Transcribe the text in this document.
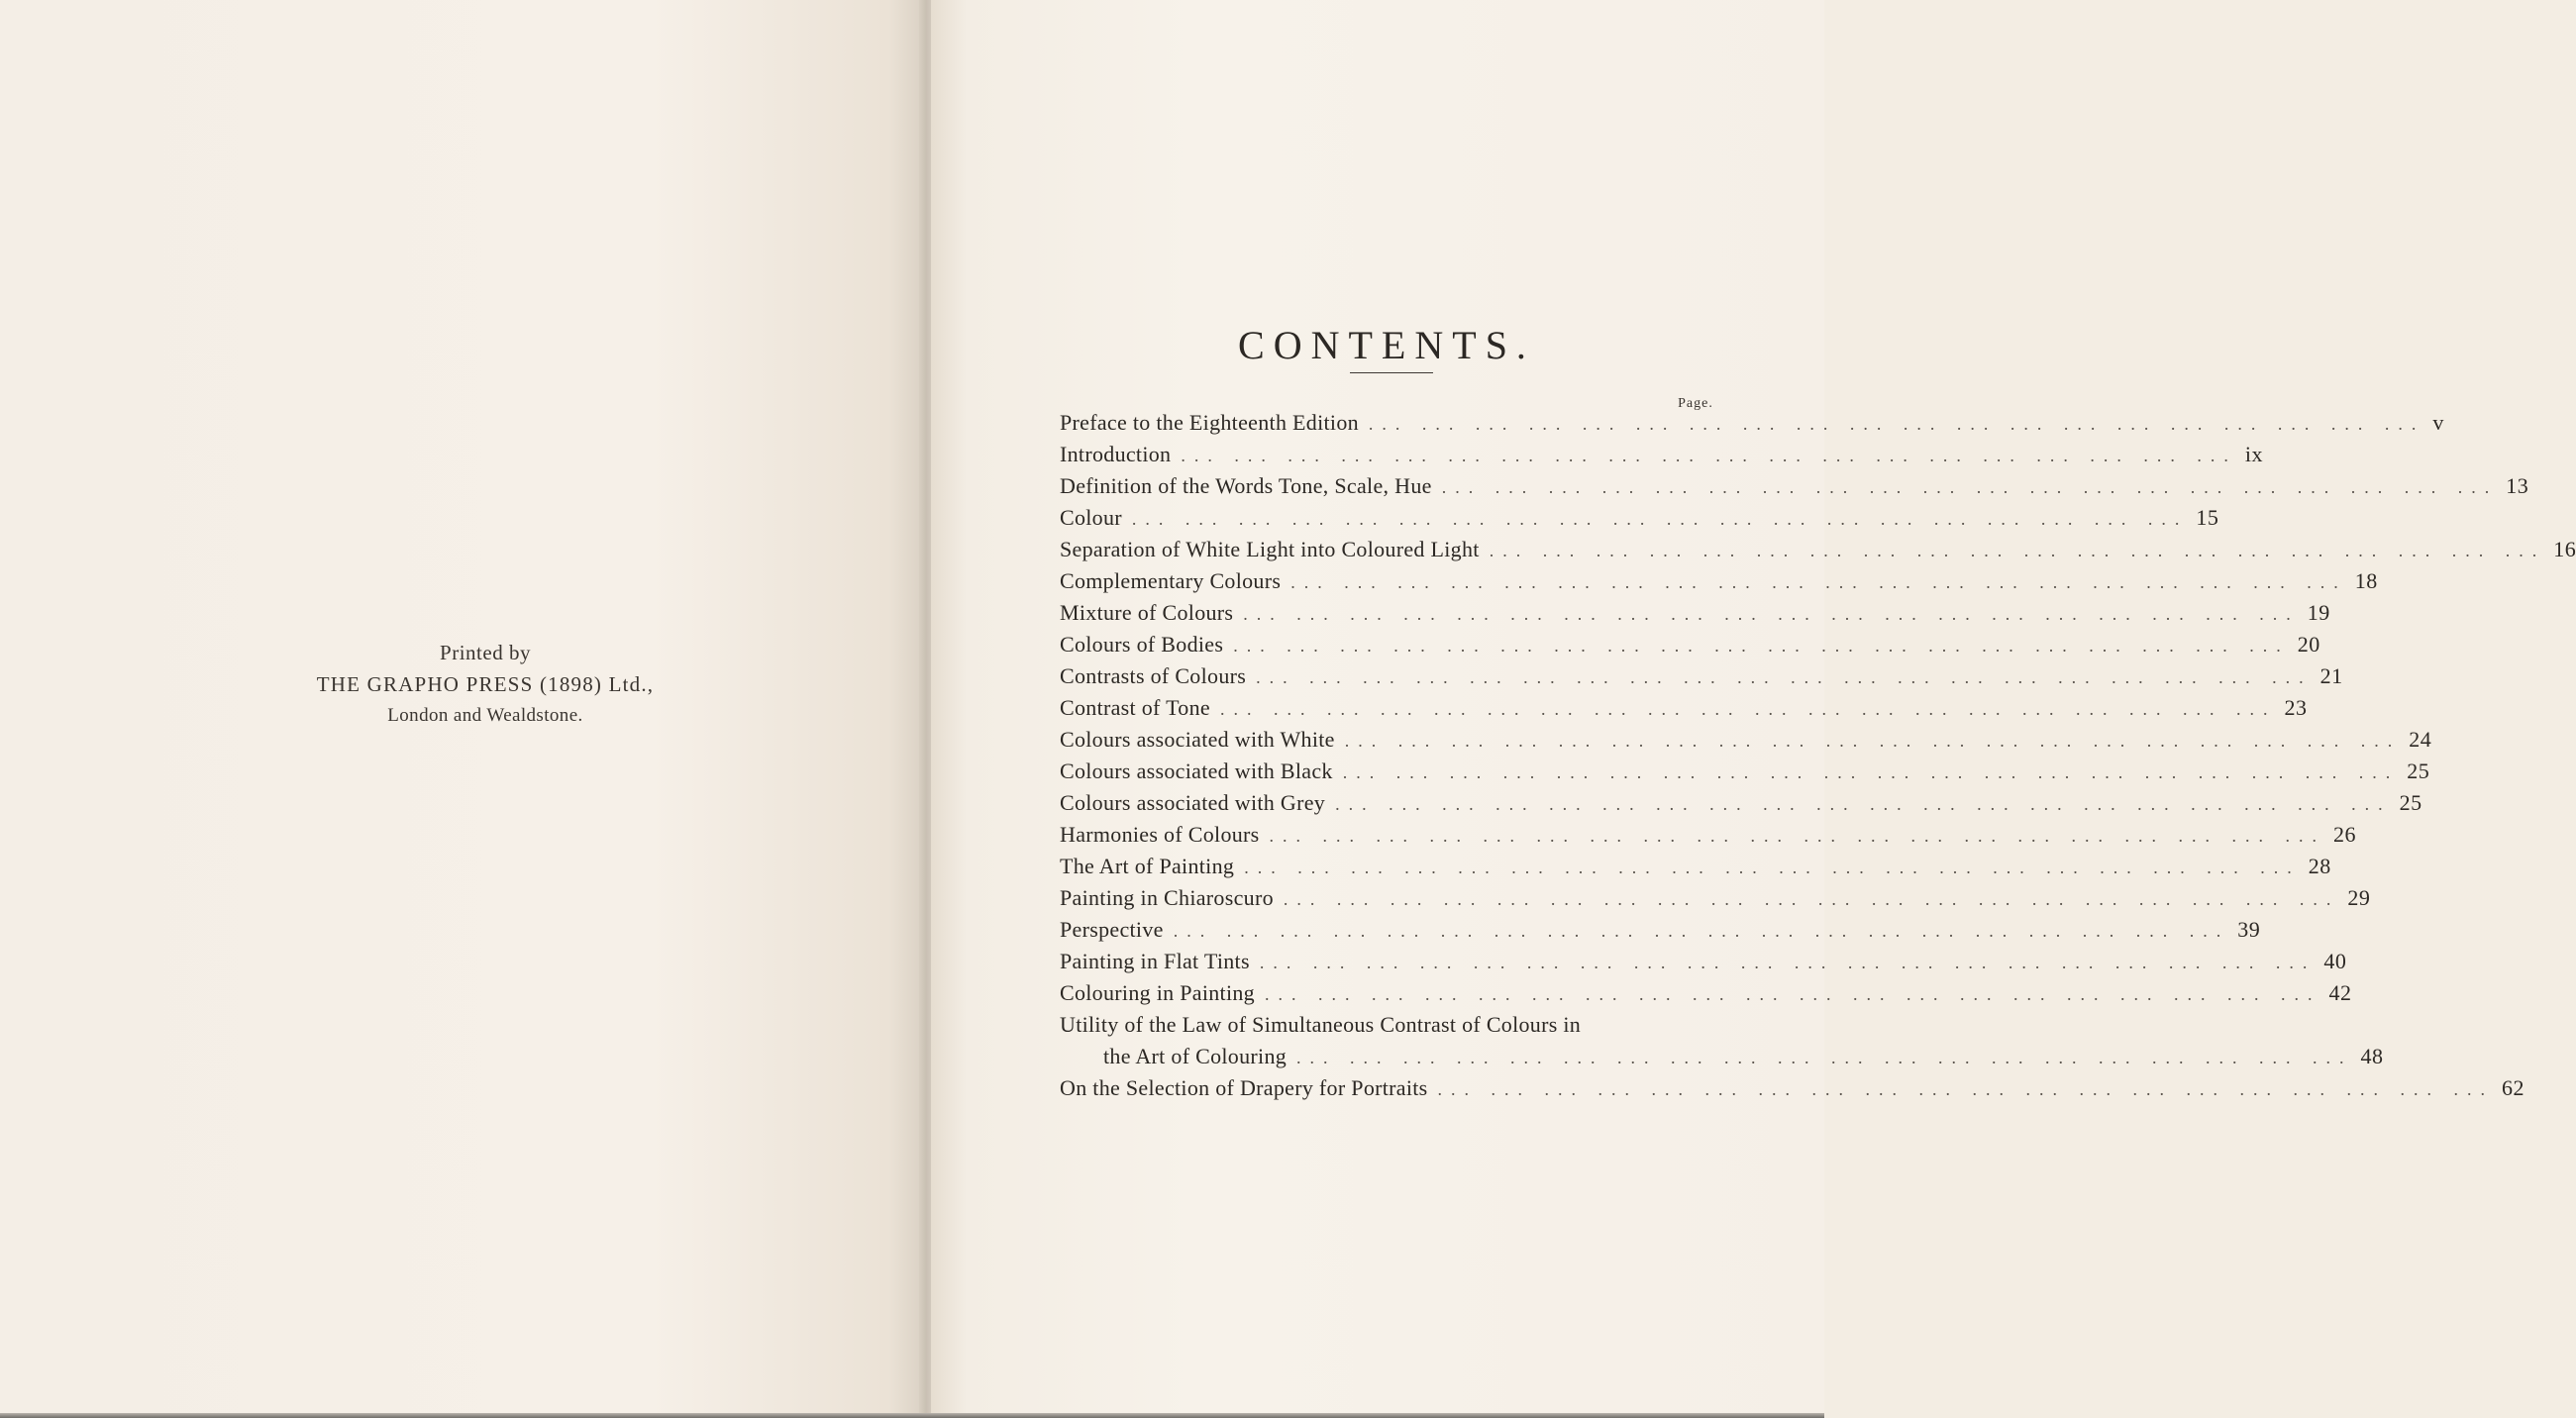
Printed by
THE GRAPHO PRESS (1898) Ltd.,
London and Wealdstone.
CONTENTS.
Page.
Preface to the Eighteenth Edition ... ... ... ... ... ... ... ... ... ... ... ... ... ... ... ... ... ... ... ... v
Introduction ... ... ... ... ... ... ... ... ... ... ... ... ... ... ... ... ... ... ... ... ix
Definition of the Words Tone, Scale, Hue ... ... ... ... ... ... ... ... ... ... ... ... ... ... ... ... ... ... ... ... 13
Colour ... ... ... ... ... ... ... ... ... ... ... ... ... ... ... ... ... ... ... ... 15
Separation of White Light into Coloured Light ... ... ... ... ... ... ... ... ... ... ... ... ... ... ... ... ... ... ... ... 16
Complementary Colours ... ... ... ... ... ... ... ... ... ... ... ... ... ... ... ... ... ... ... ... 18
Mixture of Colours ... ... ... ... ... ... ... ... ... ... ... ... ... ... ... ... ... ... ... ... 19
Colours of Bodies ... ... ... ... ... ... ... ... ... ... ... ... ... ... ... ... ... ... ... ... 20
Contrasts of Colours ... ... ... ... ... ... ... ... ... ... ... ... ... ... ... ... ... ... ... ... 21
Contrast of Tone ... ... ... ... ... ... ... ... ... ... ... ... ... ... ... ... ... ... ... ... 23
Colours associated with White ... ... ... ... ... ... ... ... ... ... ... ... ... ... ... ... ... ... ... ... 24
Colours associated with Black ... ... ... ... ... ... ... ... ... ... ... ... ... ... ... ... ... ... ... ... 25
Colours associated with Grey ... ... ... ... ... ... ... ... ... ... ... ... ... ... ... ... ... ... ... ... 25
Harmonies of Colours ... ... ... ... ... ... ... ... ... ... ... ... ... ... ... ... ... ... ... ... 26
The Art of Painting ... ... ... ... ... ... ... ... ... ... ... ... ... ... ... ... ... ... ... ... 28
Painting in Chiaroscuro ... ... ... ... ... ... ... ... ... ... ... ... ... ... ... ... ... ... ... ... 29
Perspective ... ... ... ... ... ... ... ... ... ... ... ... ... ... ... ... ... ... ... ... 39
Painting in Flat Tints ... ... ... ... ... ... ... ... ... ... ... ... ... ... ... ... ... ... ... ... 40
Colouring in Painting ... ... ... ... ... ... ... ... ... ... ... ... ... ... ... ... ... ... ... ... 42
Utility of the Law of Simultaneous Contrast of Colours in
the Art of Colouring ... ... ... ... ... ... ... ... ... ... ... ... ... ... ... ... ... ... ... ... 48
On the Selection of Drapery for Portraits ... ... ... ... ... ... ... ... ... ... ... ... ... ... ... ... ... ... ... ... 62
